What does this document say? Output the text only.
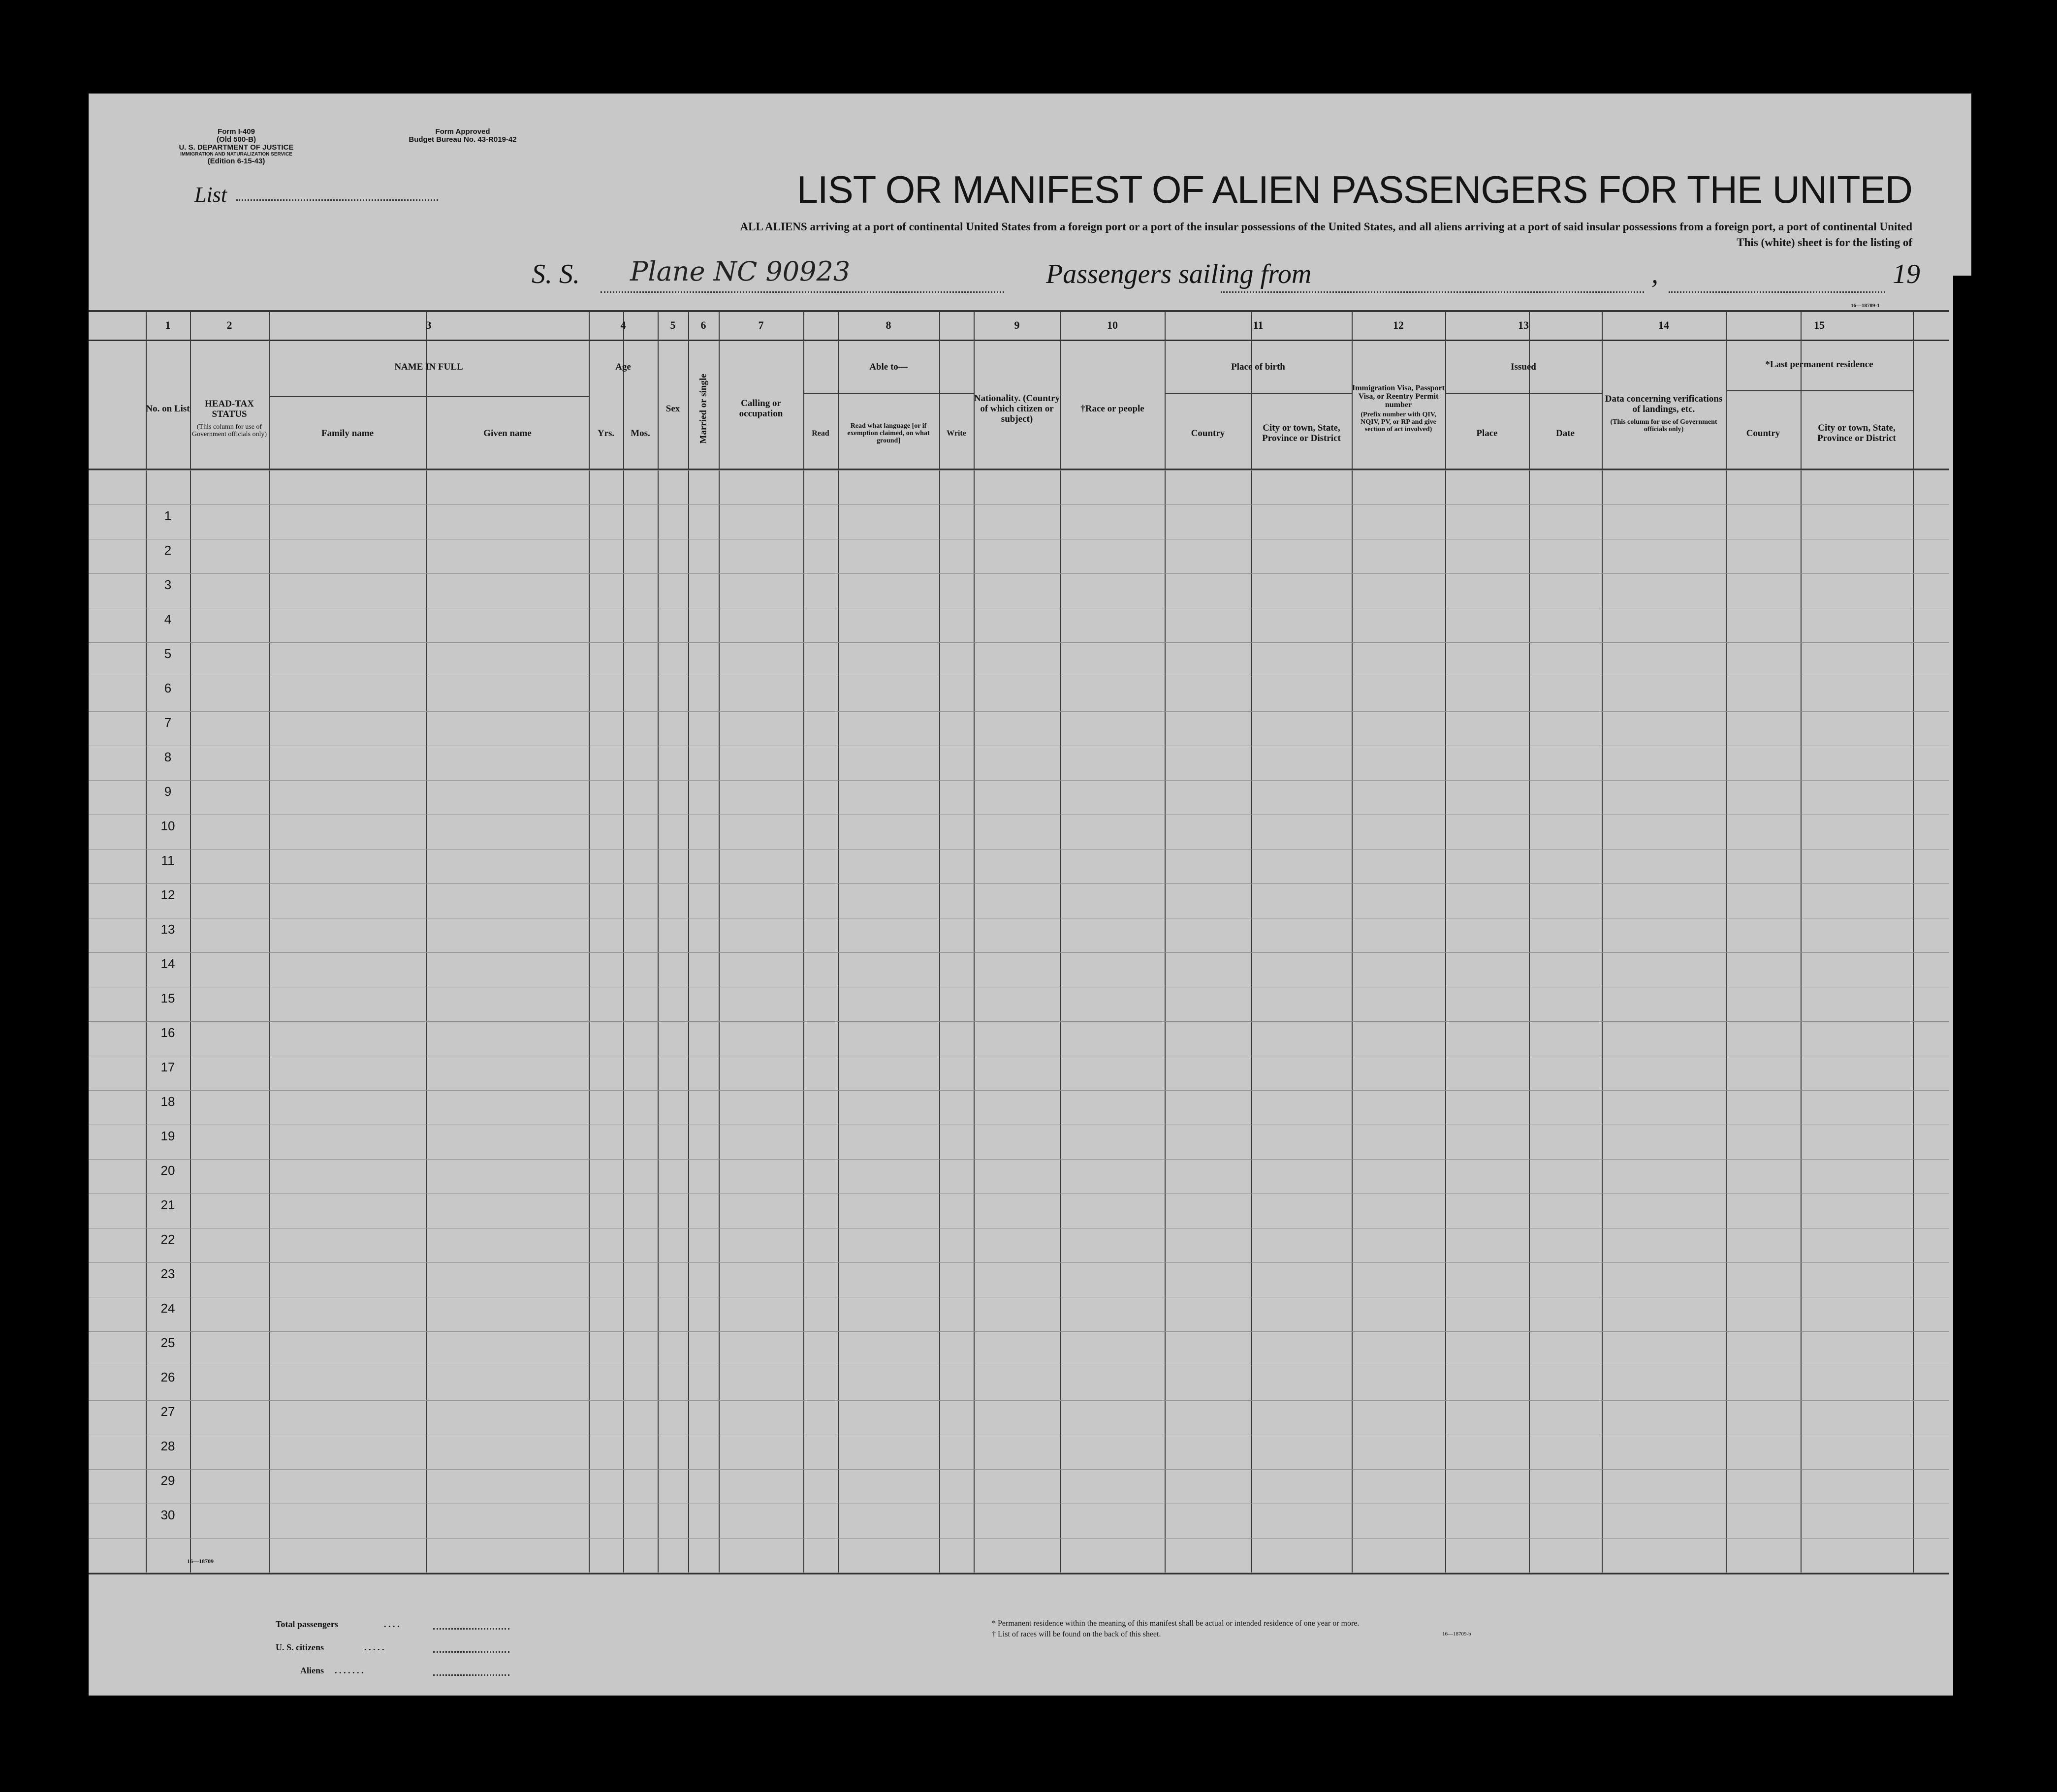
Form I-409
(Old 500-B)
U. S. DEPARTMENT OF JUSTICE
IMMIGRATION AND NATURALIZATION SERVICE
(Edition 6-15-43)
Form Approved
Budget Bureau No. 43-R019-42
List	LIST OR MANIFEST OF ALIEN PASSENGERS FOR THE UNITED
ALL ALIENS arriving at a port of continental United States from a foreign port or a port of the insular possessions of the United States, and all aliens arriving at a port of said insular possessions from a foreign port, a port of continental United
This (white) sheet is for the listing of
S. S. Plane NC 90923	Passengers sailing from	,	19
16—18709-1
1	2	3	4	5	6	7	8	9	10	11	12	13	14	15
No. on List	HEAD-TAX STATUS
(This column for use of Government officials only)
NAME IN FULL
Family name	Given name
Age
Yrs.	Mos.
Sex	Married or single	Calling or occupation
Able to—
Read
Read what language [or if exemption claimed, on what ground]
Write
Nationality. (Country of which citizen or subject)
†Race or people
Place of birth
Country	City or town, State, Province or District
Immigration Visa, Passport Visa, or Reentry Permit number
(Prefix number with QIV, NQIV, PV, or RP and give section of act involved)
Issued
Place	Date
Data concerning verifications of landings, etc.
(This column for use of Government officials only)
*Last permanent residence
Country	City or town, State, Province or District
1
2
3
4
5
6
7
8
9
10
11
12
13
14
15
16
17
18
19
20
21
22
23
24
25
26
27
28
29
30
16—18709
Total passengers	. . . .
U. S. citizens	. . . . .
Aliens . . . . . . .
* Permanent residence within the meaning of this manifest shall be actual or intended residence of one year or more.
† List of races will be found on the back of this sheet.	16—18709-b
